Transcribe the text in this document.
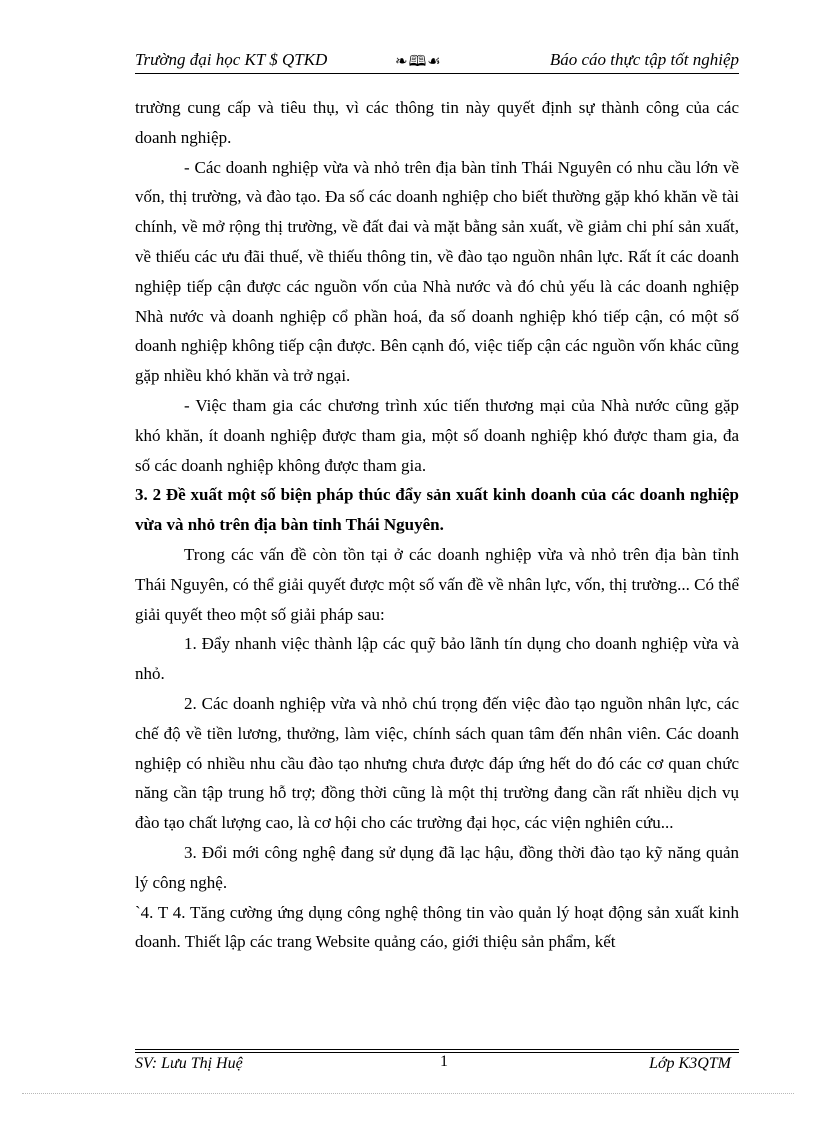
Trường đại học KT $ QTKD	❧🕮☙	Báo cáo thực tập tốt nghiệp

trường cung cấp và tiêu thụ, vì các thông tin này quyết định sự thành công của các doanh nghiệp.

- Các doanh nghiệp vừa và nhỏ trên địa bàn tỉnh Thái Nguyên có nhu cầu lớn về vốn, thị trường, và đào tạo. Đa số các doanh nghiệp cho biết thường gặp khó khăn về tài chính, về mở rộng thị trường, về đất đai và mặt bằng sản xuất, về giảm chi phí sản xuất, về thiếu các ưu đãi thuế, về thiếu thông tin, về đào tạo nguồn nhân lực. Rất ít các doanh nghiệp tiếp cận được các nguồn vốn của Nhà nước và đó chủ yếu là các doanh nghiệp Nhà nước và doanh nghiệp cổ phần hoá, đa số doanh nghiệp khó tiếp cận, có một số doanh nghiệp không tiếp cận được. Bên cạnh đó, việc tiếp cận các nguồn vốn khác cũng gặp nhiều khó khăn và trở ngại.

- Việc tham gia các chương trình xúc tiến thương mại của Nhà nước cũng gặp khó khăn, ít doanh nghiệp được tham gia, một số doanh nghiệp khó được tham gia, đa số các doanh nghiệp không được tham gia.

3. 2 Đề xuất một số biện pháp thúc đẩy sản xuất kinh doanh của các doanh nghiệp vừa và nhỏ trên địa bàn tỉnh Thái Nguyên.

Trong các vấn đề còn tồn tại ở các doanh nghiệp vừa và nhỏ trên địa bàn tỉnh Thái Nguyên, có thể giải quyết được một số vấn đề về nhân lực, vốn, thị trường... Có thể giải quyết theo một số giải pháp sau:

1. Đẩy nhanh việc thành lập các quỹ bảo lãnh tín dụng cho doanh nghiệp vừa và nhỏ.

2. Các doanh nghiệp vừa và nhỏ chú trọng đến việc đào tạo nguồn nhân lực, các chế độ về tiền lương, thưởng, làm việc, chính sách quan tâm đến nhân viên. Các doanh nghiệp có nhiều nhu cầu đào tạo nhưng chưa được đáp ứng hết do đó các cơ quan chức năng cần tập trung hỗ trợ; đồng thời cũng là một thị trường đang cần rất nhiều dịch vụ đào tạo chất lượng cao, là cơ hội cho các trường đại học, các viện nghiên cứu...

3. Đổi mới công nghệ đang sử dụng đã lạc hậu, đồng thời đào tạo kỹ năng quản lý công nghệ.

`4. T 4. Tăng cường ứng dụng công nghệ thông tin vào quản lý hoạt động sản xuất kinh doanh. Thiết lập các trang Website quảng cáo, giới thiệu sản phẩm, kết

SV: Lưu Thị Huệ	1	Lớp K3QTM
